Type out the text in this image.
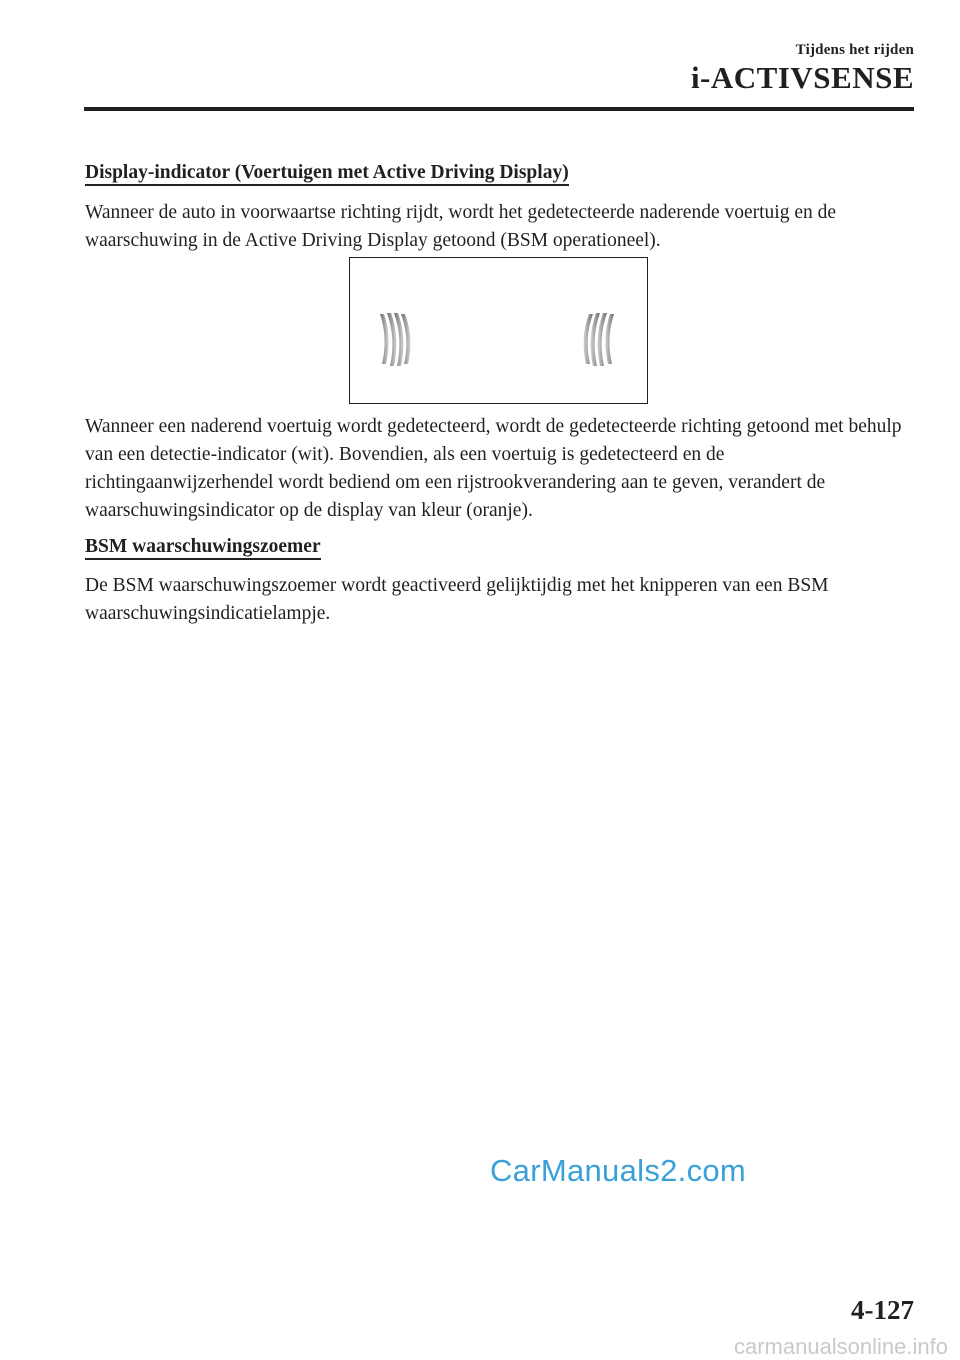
Tijdens het rijden
i-ACTIVSENSE
Display-indicator (Voertuigen met Active Driving Display)

Wanneer de auto in voorwaartse richting rijdt, wordt het gedetecteerde naderende voertuig en de waarschuwing in de Active Driving Display getoond (BSM operationeel).

Wanneer een naderend voertuig wordt gedetecteerd, wordt de gedetecteerde richting getoond met behulp van een detectie-indicator (wit). Bovendien, als een voertuig is gedetecteerd en de richtingaanwijzerhendel wordt bediend om een rijstrookverandering aan te geven, verandert de waarschuwingsindicator op de display van kleur (oranje).

BSM waarschuwingszoemer

De BSM waarschuwingszoemer wordt geactiveerd gelijktijdig met het knipperen van een BSM waarschuwingsindicatielampje.

CarManuals2.com
4-127
carmanualsonline.info
